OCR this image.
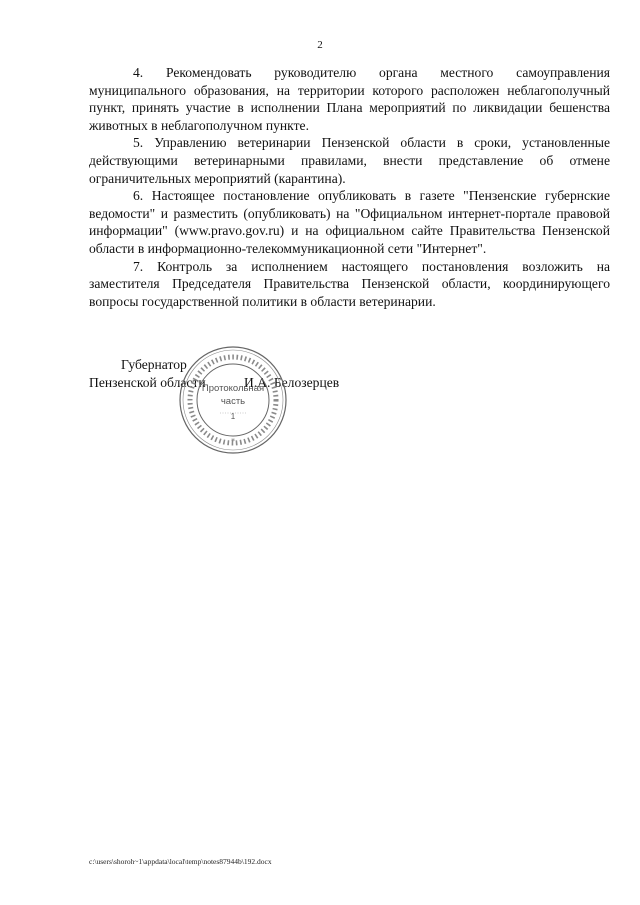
2

4. Рекомендовать руководителю органа местного самоуправления муниципального образования, на территории которого расположен неблагополучный пункт, принять участие в исполнении Плана мероприятий по ликвидации бешенства животных в неблагополучном пункте.

5. Управлению ветеринарии Пензенской области в сроки, установленные действующими ветеринарными правилами, внести представление об отмене ограничительных мероприятий (карантина).

6. Настоящее постановление опубликовать в газете "Пензенские губернские ведомости" и разместить (опубликовать) на "Официальном интернет-портале правовой информации" (www.pravo.gov.ru) и на официальном сайте Правительства Пензенской области в информационно-телекоммуникационной сети "Интернет".

7. Контроль за исполнением настоящего постановления возложить на заместителя Председателя Правительства Пензенской области, координирующего вопросы государственной политики в области ветеринарии.

Губернатор
Пензенской области	И.А. Белозерцев
*
Протокольная
часть
1
c:\users\shoroh~1\appdata\local\temp\notes87944b\192.docx
